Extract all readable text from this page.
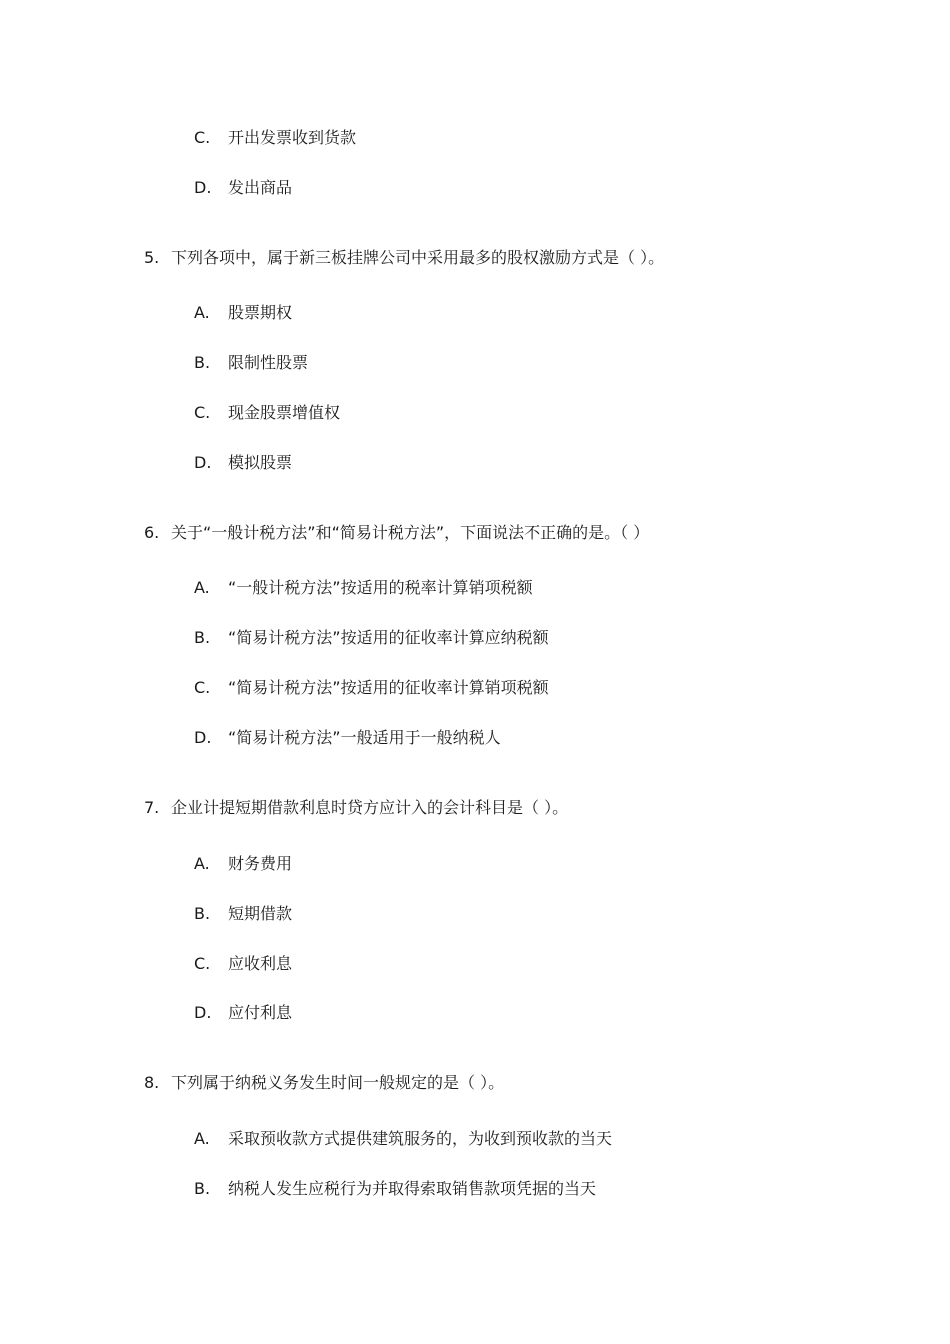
C. 开出发票收到货款
D. 发出商品
5. 下列各项中，属于新三板挂牌公司中采用最多的股权激励方式是（ ）。
A. 股票期权
B. 限制性股票
C. 现金股票增值权
D. 模拟股票
6. 关于“一般计税方法”和“简易计税方法”，下面说法不正确的是。（ ）
A. “一般计税方法”按适用的税率计算销项税额
B. “简易计税方法”按适用的征收率计算应纳税额
C. “简易计税方法”按适用的征收率计算销项税额
D. “简易计税方法”一般适用于一般纳税人
7. 企业计提短期借款利息时贷方应计入的会计科目是（ ）。
A. 财务费用
B. 短期借款
C. 应收利息
D. 应付利息
8. 下列属于纳税义务发生时间一般规定的是（ ）。
A. 采取预收款方式提供建筑服务的，为收到预收款的当天
B. 纳税人发生应税行为并取得索取销售款项凭据的当天
